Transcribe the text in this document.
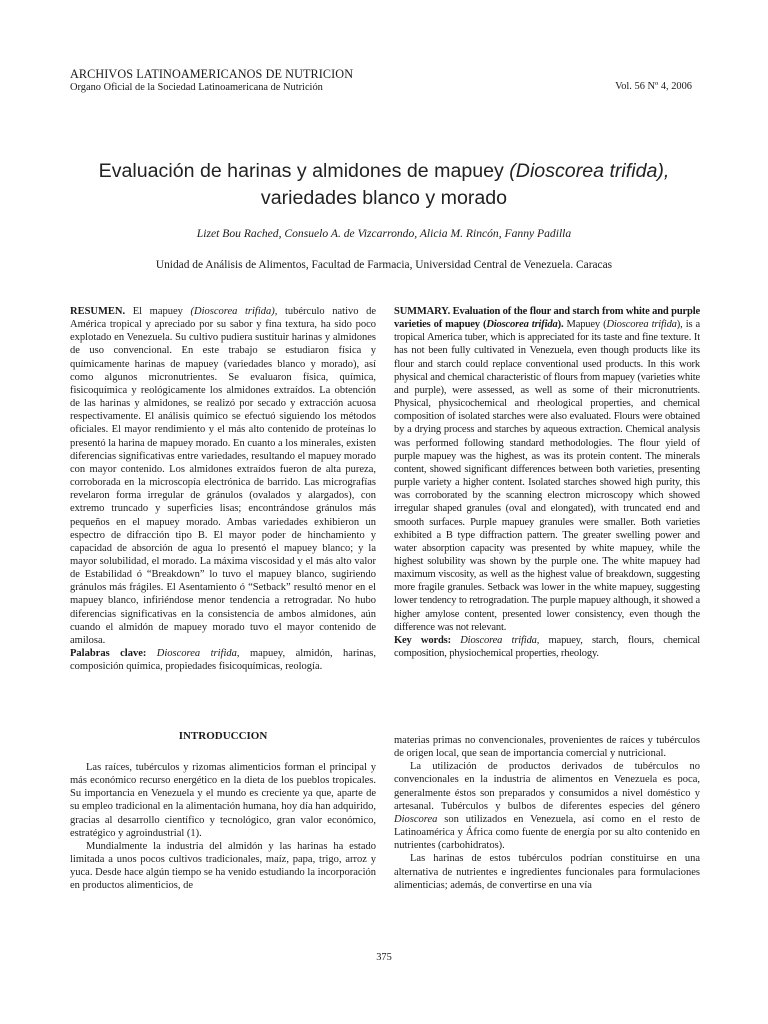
ARCHIVOS LATINOAMERICANOS DE NUTRICION
Organo Oficial de la Sociedad Latinoamericana de Nutrición	Vol. 56 Nº 4, 2006
Evaluación de harinas y almidones de mapuey (Dioscorea trifida),
variedades blanco y morado
Lizet Bou Rached, Consuelo A. de Vizcarrondo, Alicia M. Rincón, Fanny Padilla
Unidad de Análisis de Alimentos, Facultad de Farmacia, Universidad Central de Venezuela. Caracas

RESUMEN. El mapuey (Dioscorea trifida), tubérculo nativo de América tropical y apreciado por su sabor y fina textura, ha sido poco explotado en Venezuela. Su cultivo pudiera sustituir harinas y almidones de uso convencional. En este trabajo se estudiaron física y químicamente harinas de mapuey (variedades blanco y morado), así como algunos micronutrientes. Se evaluaron física, química, fisicoquímica y reológicamente los almidones extraídos. La obtención de las harinas y almidones, se realizó por secado y extracción acuosa respectivamente. El análisis químico se efectuó siguiendo los métodos oficiales. El mayor rendimiento y el más alto contenido de proteínas lo presentó la harina de mapuey morado. En cuanto a los minerales, existen diferencias significativas entre variedades, resultando el mapuey morado con mayor contenido. Los almidones extraídos fueron de alta pureza, corroborada en la microscopía electrónica de barrido. Las micrografías revelaron forma irregular de gránulos (ovalados y alargados), con extremo truncado y superficies lisas; encontrándose gránulos más pequeños en el mapuey morado. Ambas variedades exhibieron un espectro de difracción tipo B. El mayor poder de hinchamiento y capacidad de absorción de agua lo presentó el mapuey blanco; y la mayor solubilidad, el morado. La máxima viscosidad y el más alto valor de Estabilidad ó “Breakdown” lo tuvo el mapuey blanco, sugiriendo gránulos más frágiles. El Asentamiento ó “Setback” resultó menor en el mapuey blanco, infiriéndose menor tendencia a retrogradar. No hubo diferencias significativas en la consistencia de ambos almidones, aún cuando el almidón de mapuey morado tuvo el mayor contenido de amilosa.

Palabras clave: Dioscorea trifida, mapuey, almidón, harinas, composición química, propiedades fisicoquímicas, reología.

SUMMARY. Evaluation of the flour and starch from white and purple varieties of mapuey (Dioscorea trifida). Mapuey (Dioscorea trifida), is a tropical America tuber, which is appreciated for its taste and fine texture. It has not been fully cultivated in Venezuela, even though products like its flour and starch could replace conventional used products. In this work physical and chemical characteristic of flours from mapuey (varieties white and purple), were assessed, as well as some of their micronutrients. Physical, physicochemical and rheological properties, and chemical composition of isolated starches were also evaluated. Flours were obtained by a drying process and starches by aqueous extraction. Chemical analysis was performed following standard methodologies. The flour yield of purple mapuey was the highest, as was its protein content. The minerals content, showed significant differences between both varieties, presenting purple variety a higher content. Isolated starches showed high purity, this was corroborated by the scanning electron microscopy which showed irregular shaped granules (oval and elongated), with truncated end and smooth surfaces. Purple mapuey granules were smaller. Both varieties exhibited a B type diffraction pattern. The greater swelling power and water absorption capacity was presented by white mapuey, while the highest solubility was shown by the purple one. The white mapuey had maximum viscosity, as well as the highest value of breakdown, suggesting more fragile granules. Setback was lower in the white mapuey, suggesting lower tendency to retrogradation. The purple mapuey although, it showed a higher amylose content, presented lower consistency, even though the difference was not relevant.

Key words: Dioscorea trifida, mapuey, starch, flours, chemical composition, physiochemical properties, rheology.

INTRODUCCION

Las raíces, tubérculos y rizomas alimenticios forman el principal y más económico recurso energético en la dieta de los pueblos tropicales. Su importancia en Venezuela y el mundo es creciente ya que, aparte de su empleo tradicional en la alimentación humana, hoy día han adquirido, gracias al desarrollo científico y tecnológico, gran valor económico, estratégico y agroindustrial (1).

Mundialmente la industria del almidón y las harinas ha estado limitada a unos pocos cultivos tradicionales, maíz, papa, trigo, arroz y yuca. Desde hace algún tiempo se ha venido estudiando la incorporación en productos alimenticios, de

materias primas no convencionales, provenientes de raíces y tubérculos de origen local, que sean de importancia comercial y nutricional.

La utilización de productos derivados de tubérculos no convencionales en la industria de alimentos en Venezuela es poca, generalmente éstos son preparados y consumidos a nivel doméstico y artesanal. Tubérculos y bulbos de diferentes especies del género Dioscorea son utilizados en Venezuela, así como en el resto de Latinoamérica y África como fuente de energía por su alto contenido en nutrientes (carbohidratos).

Las harinas de estos tubérculos podrían constituirse en una alternativa de nutrientes e ingredientes funcionales para formulaciones alimenticias; además, de convertirse en una vía

375
